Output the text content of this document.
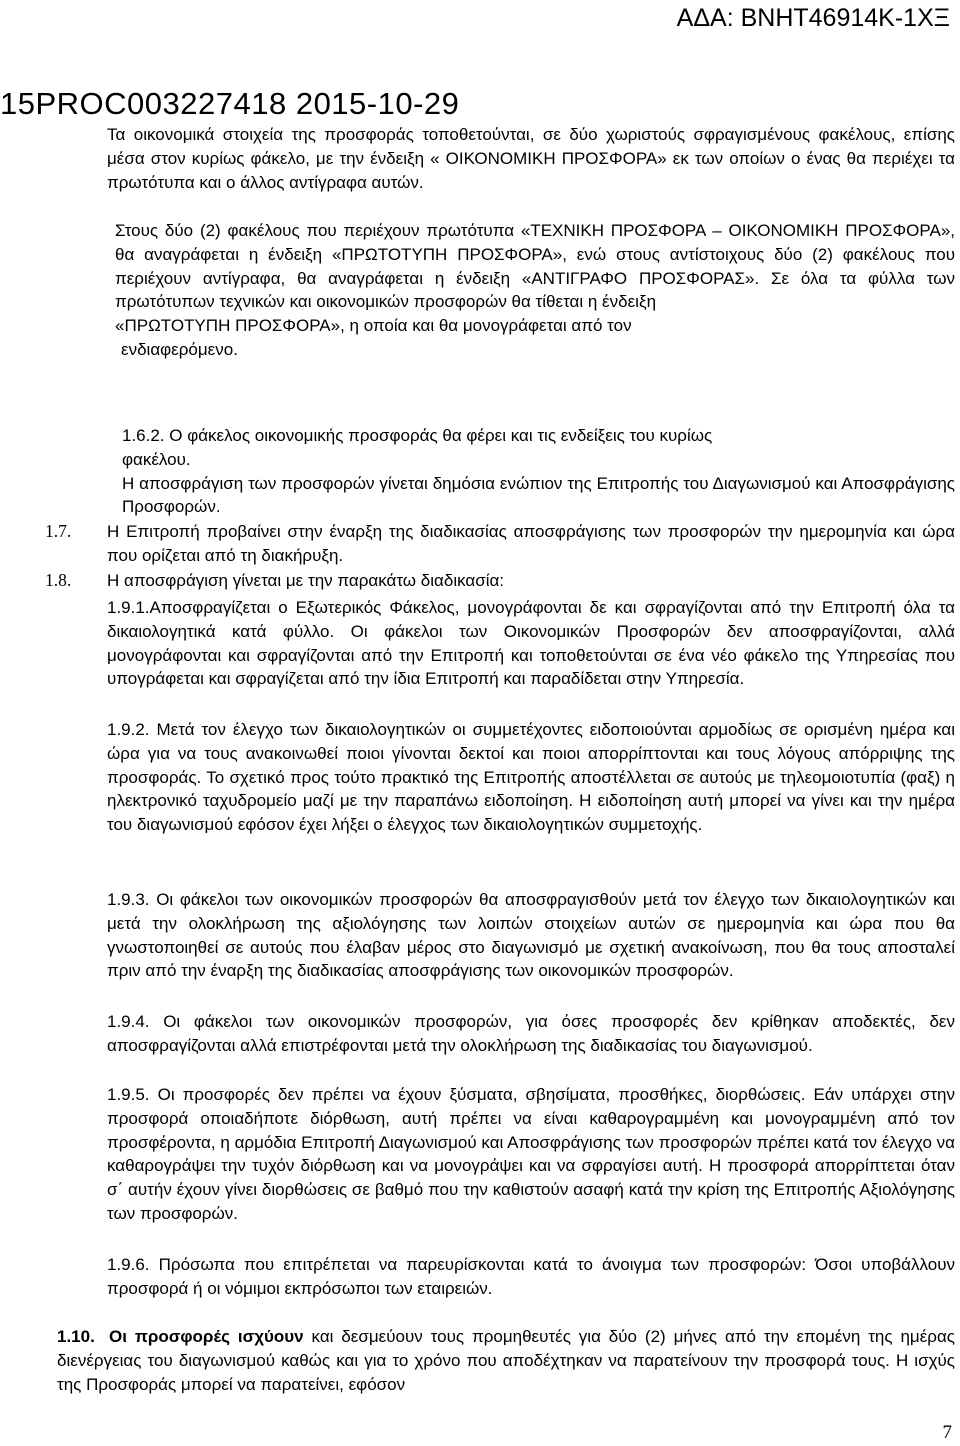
ΑΔΑ: ΒΝΗΤ46914Κ-1ΧΞ
15PROC003227418 2015-10-29

Τα οικονομικά στοιχεία της προσφοράς τοποθετούνται, σε δύο χωριστούς σφραγισμένους φακέλους, επίσης μέσα στον κυρίως φάκελο, με την ένδειξη « ΟΙΚΟΝΟΜΙΚΗ ΠΡΟΣΦΟΡΑ» εκ των οποίων ο ένας θα περιέχει τα πρωτότυπα και ο άλλος αντίγραφα αυτών.

Στους δύο (2) φακέλους που περιέχουν πρωτότυπα «ΤΕΧΝΙΚΗ ΠΡΟΣΦΟΡΑ – ΟΙΚΟΝΟΜΙΚΗ ΠΡΟΣΦΟΡΑ», θα αναγράφεται η ένδειξη «ΠΡΩΤΟΤΥΠΗ ΠΡΟΣΦΟΡΑ», ενώ στους αντίστοιχους δύο (2) φακέλους που περιέχουν αντίγραφα, θα αναγράφεται η ένδειξη «ΑΝΤΙΓΡΑΦΟ ΠΡΟΣΦΟΡΑΣ». Σε όλα τα φύλλα των πρωτότυπων τεχνικών και οικονομικών προσφορών θα τίθεται η ένδειξη

«ΠΡΩΤΟΤΥΠΗ ΠΡΟΣΦΟΡΑ», η οποία και θα μονογράφεται από τον

ενδιαφερόμενο.

1.6.2. Ο φάκελος οικονομικής προσφοράς θα φέρει και τις ενδείξεις του κυρίως

φακέλου.

Η αποσφράγιση των προσφορών γίνεται δημόσια ενώπιον της Επιτροπής του Διαγωνισμού και Αποσφράγισης Προσφορών.

1.7. Η Επιτροπή προβαίνει στην έναρξη της διαδικασίας αποσφράγισης των προσφορών την ημερομηνία και ώρα που ορίζεται από τη διακήρυξη.

1.8. Η αποσφράγιση γίνεται με την παρακάτω διαδικασία:

1.9.1.Αποσφραγίζεται ο Εξωτερικός Φάκελος, μονογράφονται δε και σφραγίζονται από την Επιτροπή όλα τα δικαιολογητικά κατά φύλλο. Οι φάκελοι των Οικονομικών Προσφορών δεν αποσφραγίζονται, αλλά μονογράφονται και σφραγίζονται από την Επιτροπή και τοποθετούνται σε ένα νέο φάκελο της Υπηρεσίας που υπογράφεται και σφραγίζεται από την ίδια Επιτροπή και παραδίδεται στην Υπηρεσία.

1.9.2. Μετά τον έλεγχο των δικαιολογητικών οι συμμετέχοντες ειδοποιούνται αρμοδίως σε ορισμένη ημέρα και ώρα για να τους ανακοινωθεί ποιοι γίνονται δεκτοί και ποιοι απορρίπτονται και τους λόγους απόρριψης της προσφοράς. Το σχετικό προς τούτο πρακτικό της Επιτροπής αποστέλλεται σε αυτούς με τηλεομοιοτυπία (φαξ) η ηλεκτρονικό ταχυδρομείο μαζί με την παραπάνω ειδοποίηση. Η ειδοποίηση αυτή μπορεί να γίνει και την ημέρα του διαγωνισμού εφόσον έχει λήξει ο έλεγχος των δικαιολογητικών συμμετοχής.

1.9.3. Οι φάκελοι των οικονομικών προσφορών θα αποσφραγισθούν μετά τον έλεγχο των δικαιολογητικών και μετά την ολοκλήρωση της αξιολόγησης των λοιπών στοιχείων αυτών σε ημερομηνία και ώρα που θα γνωστοποιηθεί σε αυτούς που έλαβαν μέρος στο διαγωνισμό με σχετική ανακοίνωση, που θα τους αποσταλεί πριν από την έναρξη της διαδικασίας αποσφράγισης των οικονομικών προσφορών.

1.9.4. Οι φάκελοι των οικονομικών προσφορών, για όσες προσφορές δεν κρίθηκαν αποδεκτές, δεν αποσφραγίζονται αλλά επιστρέφονται μετά την ολοκλήρωση της διαδικασίας του διαγωνισμού.

1.9.5. Οι προσφορές δεν πρέπει να έχουν ξύσματα, σβησίματα, προσθήκες, διορθώσεις. Εάν υπάρχει στην προσφορά οποιαδήποτε διόρθωση, αυτή πρέπει να είναι καθαρογραμμένη και μονογραμμένη από τον προσφέροντα, η αρμόδια Επιτροπή Διαγωνισμού και Αποσφράγισης των προσφορών πρέπει κατά τον έλεγχο να καθαρογράψει την τυχόν διόρθωση και να μονογράψει και να σφραγίσει αυτή. Η προσφορά απορρίπτεται όταν σ΄ αυτήν έχουν γίνει διορθώσεις σε βαθμό που την καθιστούν ασαφή κατά την κρίση της Επιτροπής Αξιολόγησης των προσφορών.

1.9.6. Πρόσωπα που επιτρέπεται να παρευρίσκονται κατά το άνοιγμα των προσφορών: Όσοι υποβάλλουν προσφορά ή οι νόμιμοι εκπρόσωποι των εταιρειών.

1.10. Οι προσφορές ισχύουν και δεσμεύουν τους προμηθευτές για δύο (2) μήνες από την επομένη της ημέρας διενέργειας του διαγωνισμού καθώς και για το χρόνο που αποδέχτηκαν να παρατείνουν την προσφορά τους. Η ισχύς της Προσφοράς μπορεί να παρατείνει, εφόσον

7
